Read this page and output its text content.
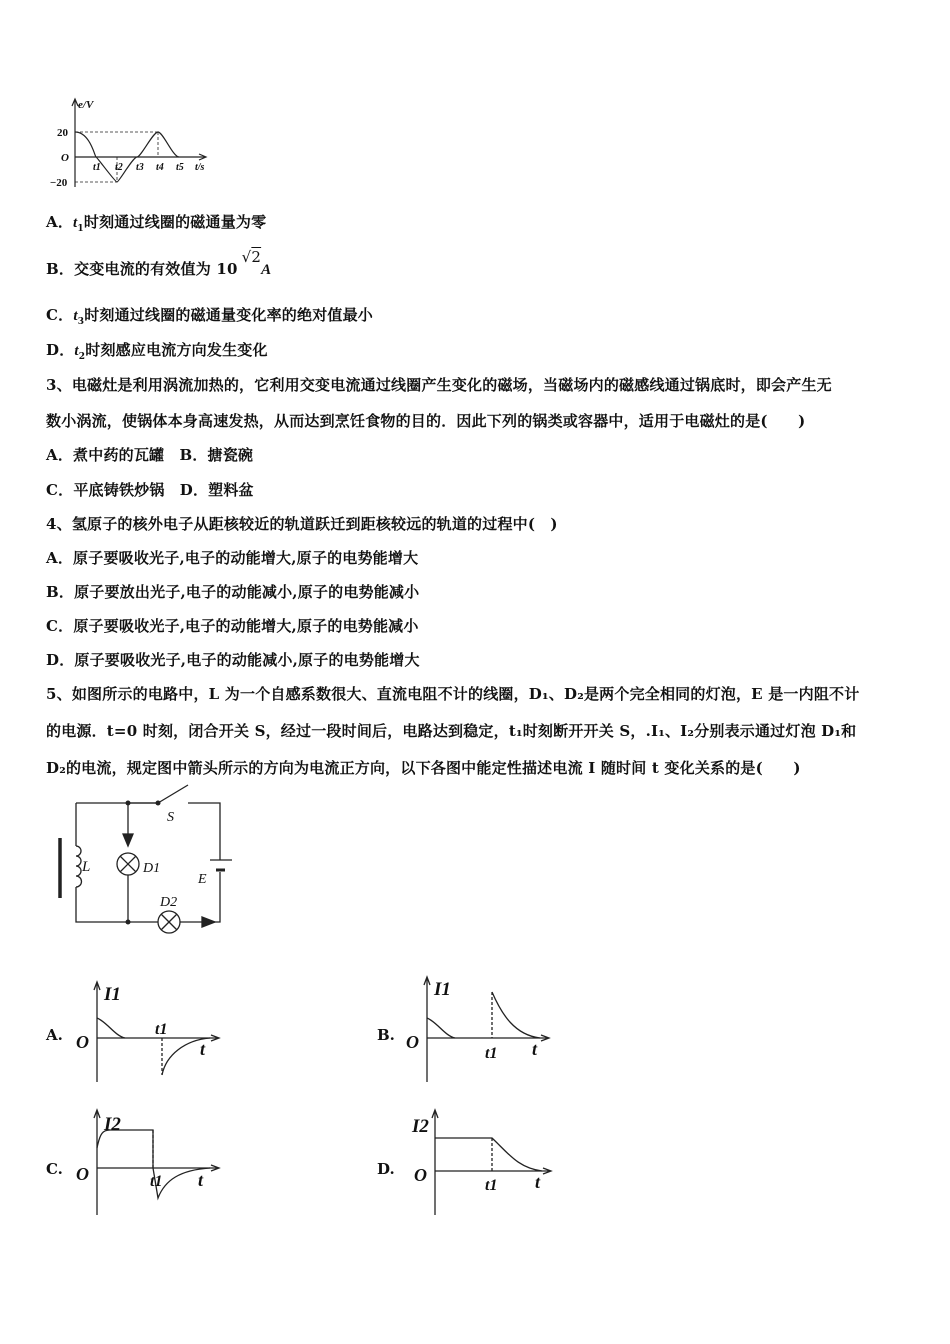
e/V
20
−20
O
t1 t2 t3 t4 t5 t/s
A．$t_1$时刻通过线圈的磁通量为零
B．交变电流的有效值为 10√2A
C．$t_3$时刻通过线圈的磁通量变化率的绝对值最小
D．$t_2$时刻感应电流方向发生变化
3、电磁灶是利用涡流加热的，它利用交变电流通过线圈产生变化的磁场，当磁场内的磁感线通过锅底时，即会产生无
数小涡流，使锅体本身高速发热，从而达到烹饪食物的目的．因此下列的锅类或容器中，适用于电磁灶的是(　　)
A．煮中药的瓦罐　B．搪瓷碗
C．平底铸铁炒锅　D．塑料盆
4、氢原子的核外电子从距核较近的轨道跃迁到距核较远的轨道的过程中(　)
A．原子要吸收光子,电子的动能增大,原子的电势能增大
B．原子要放出光子,电子的动能减小,原子的电势能减小
C．原子要吸收光子,电子的动能增大,原子的电势能减小
D．原子要吸收光子,电子的动能减小,原子的电势能增大
5、如图所示的电路中，L 为一个自感系数很大、直流电阻不计的线圈，D₁、D₂是两个完全相同的灯泡，E 是一内阻不计
的电源．t=0 时刻，闭合开关 S，经过一段时间后，电路达到稳定，t₁时刻断开开关 S，.I₁、I₂分别表示通过灯泡 D₁和
D₂的电流，规定图中箭头所示的方向为电流正方向，以下各图中能定性描述电流 I 随时间 t 变化关系的是(　　)
S
L	D1
D2
E
A.
I1
O
t1
t
B.
I1
O
t1 t
C.
I2
O	t1 t
D.
I2
O
t1 t
